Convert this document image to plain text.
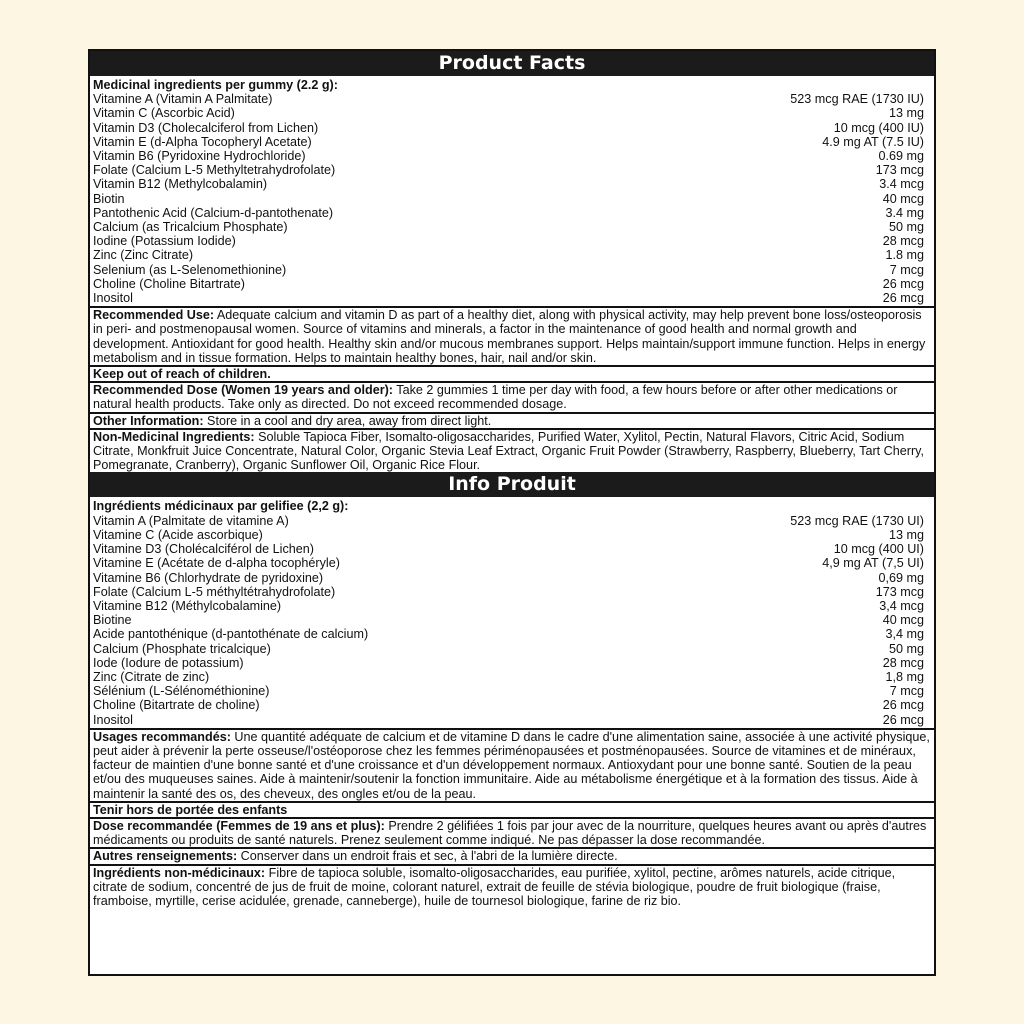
Product Facts
Medicinal ingredients per gummy (2.2 g):
Vitamine A (Vitamin A Palmitate)	523 mcg RAE (1730 IU)
Vitamin C (Ascorbic Acid)	13 mg
Vitamin D3 (Cholecalciferol from Lichen)	10 mcg (400 IU)
Vitamin E (d-Alpha Tocopheryl Acetate)	4.9 mg AT (7.5 IU)
Vitamin B6 (Pyridoxine Hydrochloride)	0.69 mg
Folate (Calcium L-5 Methyltetrahydrofolate)	173 mcg
Vitamin B12 (Methylcobalamin)	3.4 mcg
Biotin	40 mcg
Pantothenic Acid (Calcium-d-pantothenate)	3.4 mg
Calcium (as Tricalcium Phosphate)	50 mg
Iodine (Potassium Iodide)	28 mcg
Zinc (Zinc Citrate)	1.8 mg
Selenium (as L-Selenomethionine)	7 mcg
Choline (Choline Bitartrate)	26 mcg
Inositol	26 mcg
Recommended Use: Adequate calcium and vitamin D as part of a healthy diet, along with physical activity, may help prevent bone loss/osteoporosis in peri- and postmenopausal women. Source of vitamins and minerals, a factor in the maintenance of good health and normal growth and development. Antioxidant for good health. Healthy skin and/or mucous membranes support. Helps maintain/support immune function. Helps in energy metabolism and in tissue formation. Helps to maintain healthy bones, hair, nail and/or skin.
Keep out of reach of children.
Recommended Dose (Women 19 years and older): Take 2 gummies 1 time per day with food, a few hours before or after other medications or natural health products. Take only as directed. Do not exceed recommended dosage.
Other Information: Store in a cool and dry area, away from direct light.
Non-Medicinal Ingredients: Soluble Tapioca Fiber, Isomalto-oligosaccharides, Purified Water, Xylitol, Pectin, Natural Flavors, Citric Acid, Sodium Citrate, Monkfruit Juice Concentrate, Natural Color, Organic Stevia Leaf Extract, Organic Fruit Powder (Strawberry, Raspberry, Blueberry, Tart Cherry, Pomegranate, Cranberry), Organic Sunflower Oil, Organic Rice Flour.
Info Produit
Ingrédients médicinaux par gelifiee (2,2 g):
Vitamin A (Palmitate de vitamine A)	523 mcg RAE (1730 UI)
Vitamine C (Acide ascorbique)	13 mg
Vitamine D3 (Cholécalciférol de Lichen)	10 mcg (400 UI)
Vitamine E (Acétate de d-alpha tocophéryle)	4,9 mg AT (7,5 UI)
Vitamine B6 (Chlorhydrate de pyridoxine)	0,69 mg
Folate (Calcium L-5 méthyltétrahydrofolate)	173 mcg
Vitamine B12 (Méthylcobalamine)	3,4 mcg
Biotine	40 mcg
Acide pantothénique (d-pantothénate de calcium)	3,4 mg
Calcium (Phosphate tricalcique)	50 mg
Iode (Iodure de potassium)	28 mcg
Zinc (Citrate de zinc)	1,8 mg
Sélénium (L-Sélénométhionine)	7 mcg
Choline (Bitartrate de choline)	26 mcg
Inositol	26 mcg
Usages recommandés: Une quantité adéquate de calcium et de vitamine D dans le cadre d'une alimentation saine, associée à une activité physique, peut aider à prévenir la perte osseuse/l'ostéoporose chez les femmes périménopausées et postménopausées. Source de vitamines et de minéraux, facteur de maintien d'une bonne santé et d'une croissance et d'un développement normaux. Antioxydant pour une bonne santé. Soutien de la peau et/ou des muqueuses saines. Aide à maintenir/soutenir la fonction immunitaire. Aide au métabolisme énergétique et à la formation des tissus. Aide à maintenir la santé des os, des cheveux, des ongles et/ou de la peau.
Tenir hors de portée des enfants
Dose recommandée (Femmes de 19 ans et plus): Prendre 2 gélifiées 1 fois par jour avec de la nourriture, quelques heures avant ou après d'autres médicaments ou produits de santé naturels. Prenez seulement comme indiqué. Ne pas dépasser la dose recommandée.
Autres renseignements: Conserver dans un endroit frais et sec, à l'abri de la lumière directe.
Ingrédients non-médicinaux: Fibre de tapioca soluble, isomalto-oligosaccharides, eau purifiée, xylitol, pectine, arômes naturels, acide citrique, citrate de sodium, concentré de jus de fruit de moine, colorant naturel, extrait de feuille de stévia biologique, poudre de fruit biologique (fraise, framboise, myrtille, cerise acidulée, grenade, canneberge), huile de tournesol biologique, farine de riz bio.
